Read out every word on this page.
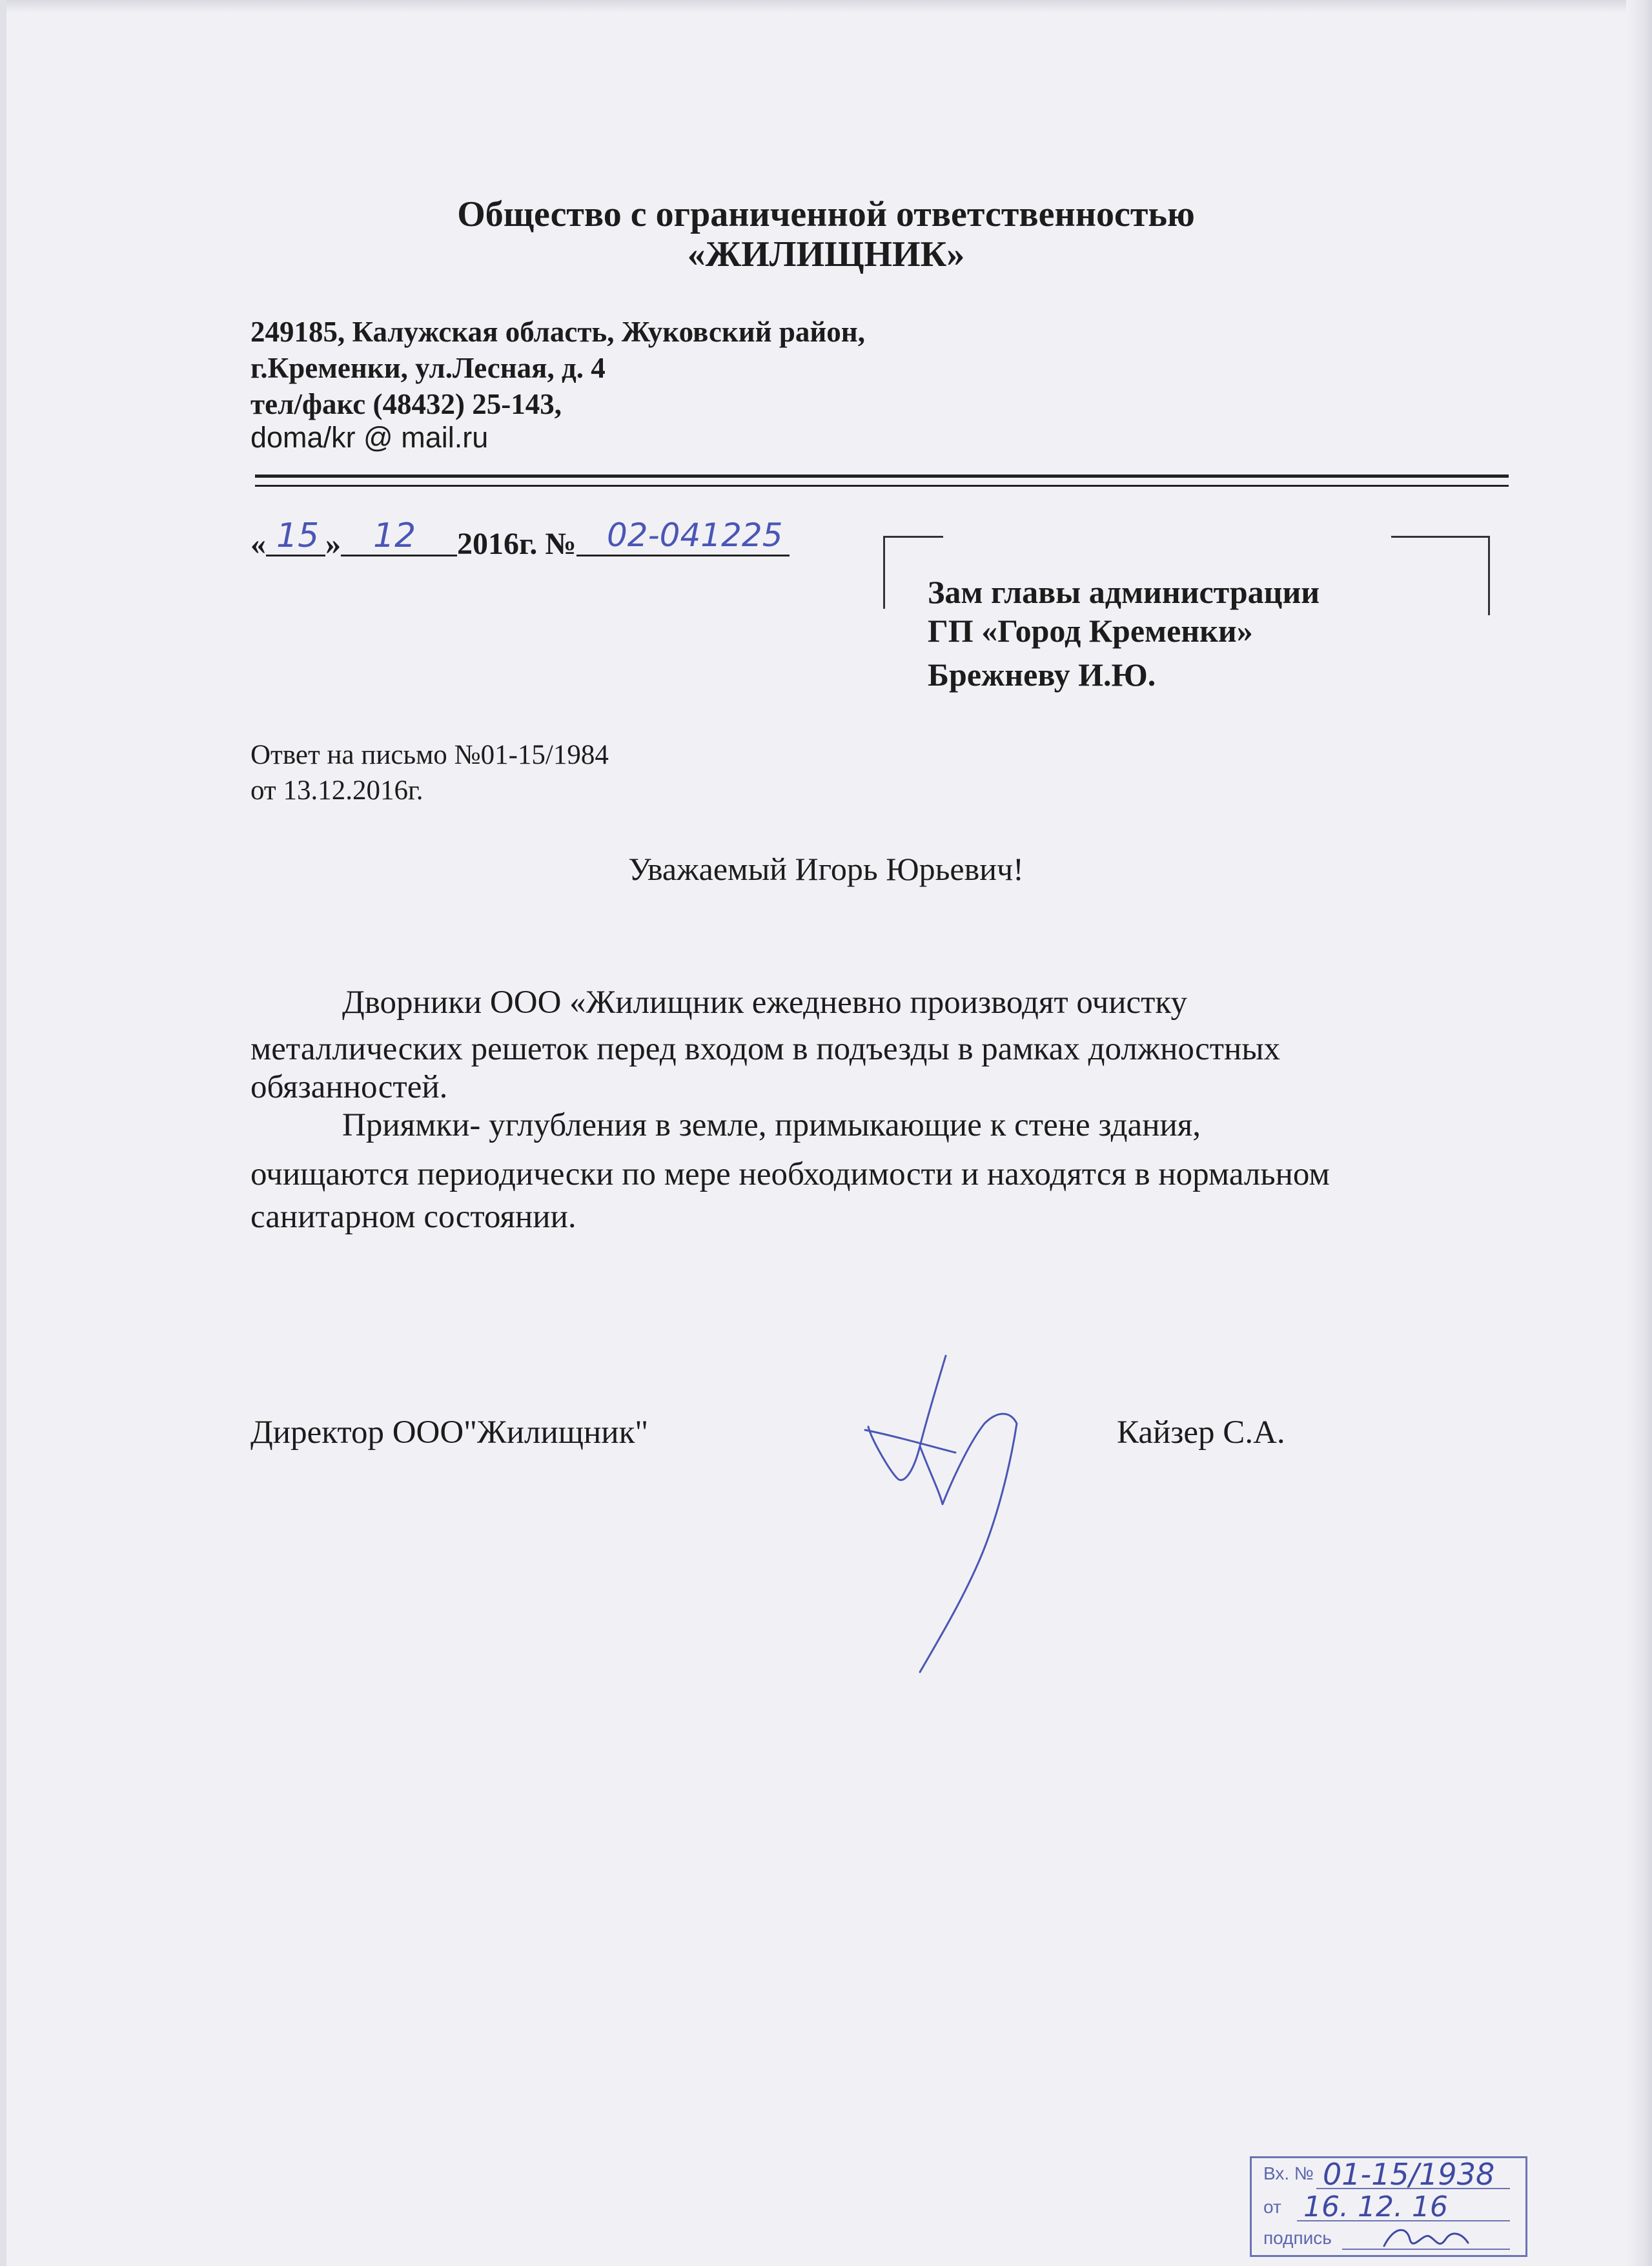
Общество с ограниченной ответственностью
«ЖИЛИЩНИК»
249185, Калужская область, Жуковский район,
г.Кременки, ул.Лесная, д. 4
тел/факс (48432) 25-143,
doma/kr @ mail.ru
« »	2016г. №
15 12	02-041225
Зам главы администрации
ГП «Город Кременки»
Брежневу И.Ю.
Ответ на письмо №01-15/1984
от 13.12.2016г.
Уважаемый Игорь Юрьевич!
Дворники ООО «Жилищник ежедневно производят очистку
металлических решеток перед входом в подъезды в рамках должностных
обязанностей.
Приямки- углубления в земле, примыкающие к стене здания,
очищаются периодически по мере необходимости и находятся в нормальном
санитарном состоянии.
Директор ООО"Жилищник"	Кайзер С.А.
Вх. № 01-15/1938
от 16. 12. 16
подпись
